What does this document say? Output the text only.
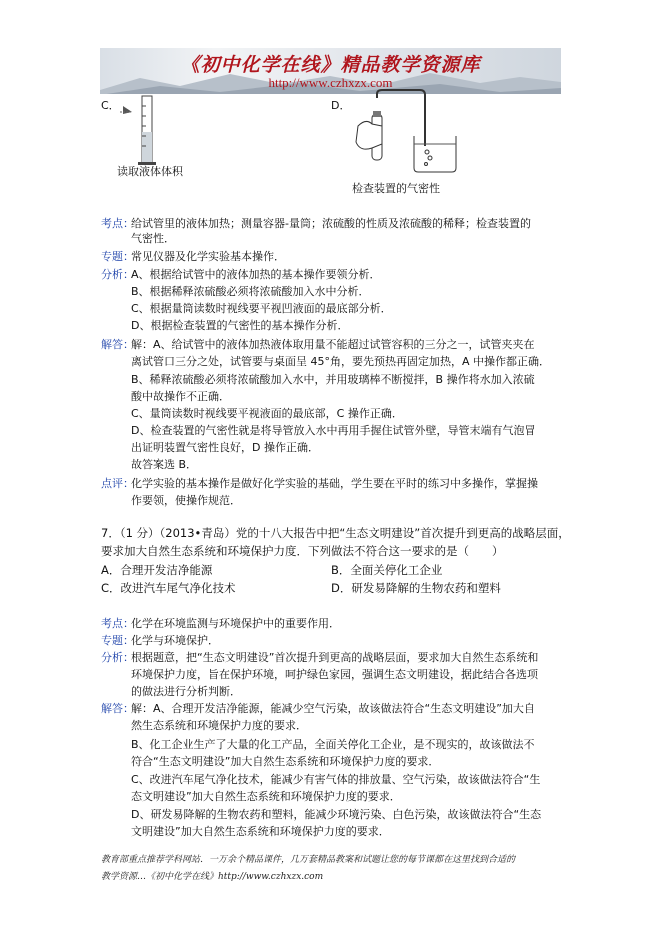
《初中化学在线》精品教学资源库
http://www.czhxzx.com
C．
读取液体体积
D．
检查装置的气密性
考点：
给试管里的液体加热；测量容器-量筒；浓硫酸的性质及浓硫酸的稀释；检查装置的
气密性．
专题：
常见仪器及化学实验基本操作．
分析：
A、根据给试管中的液体加热的基本操作要领分析．
B、根据稀释浓硫酸必须将浓硫酸加入水中分析．
C、根据量筒读数时视线要平视凹液面的最底部分析．
D、根据检查装置的气密性的基本操作分析．
解答：
解：A、给试管中的液体加热液体取用量不能超过试管容积的三分之一，试管夹夹在
离试管口三分之处，试管要与桌面呈 45°角，要先预热再固定加热，A 中操作都正确．
B、稀释浓硫酸必须将浓硫酸加入水中，并用玻璃棒不断搅拌，B 操作将水加入浓硫
酸中故操作不正确．
C、量筒读数时视线要平视液面的最底部，C 操作正确．
D、检查装置的气密性就是将导管放入水中再用手握住试管外壁，导管末端有气泡冒
出证明装置气密性良好，D 操作正确．
故答案选 B．
点评：
化学实验的基本操作是做好化学实验的基础，学生要在平时的练习中多操作，掌握操
作要领，使操作规范．
7．（1 分）（2013•青岛）党的十八大报告中把“生态文明建设”首次提升到更高的战略层面，
要求加大自然生态系统和环境保护力度．下列做法不符合这一要求的是（　　）
A．合理开发洁净能源	B．全面关停化工企业
C．改进汽车尾气净化技术	D．研发易降解的生物农药和塑料
考点：
化学在环境监测与环境保护中的重要作用．
专题：
化学与环境保护．
分析：
根据题意，把“生态文明建设”首次提升到更高的战略层面，要求加大自然生态系统和
环境保护力度，旨在保护环境，呵护绿色家园，强调生态文明建设，据此结合各选项
的做法进行分析判断．
解答：
解：A、合理开发洁净能源，能减少空气污染，故该做法符合“生态文明建设”加大自
然生态系统和环境保护力度的要求．
B、化工企业生产了大量的化工产品，全面关停化工企业，是不现实的，故该做法不
符合“生态文明建设”加大自然生态系统和环境保护力度的要求．
C、改进汽车尾气净化技术，能减少有害气体的排放量、空气污染，故该做法符合“生
态文明建设”加大自然生态系统和环境保护力度的要求．
D、研发易降解的生物农药和塑料，能减少环境污染、白色污染，故该做法符合“生态
文明建设”加大自然生态系统和环境保护力度的要求．
教育部重点推荐学科网站．一万余个精品课件，几万套精品教案和试题让您的每节课都在这里找到合适的
教学资源…《初中化学在线》http://www.czhxzx.com
